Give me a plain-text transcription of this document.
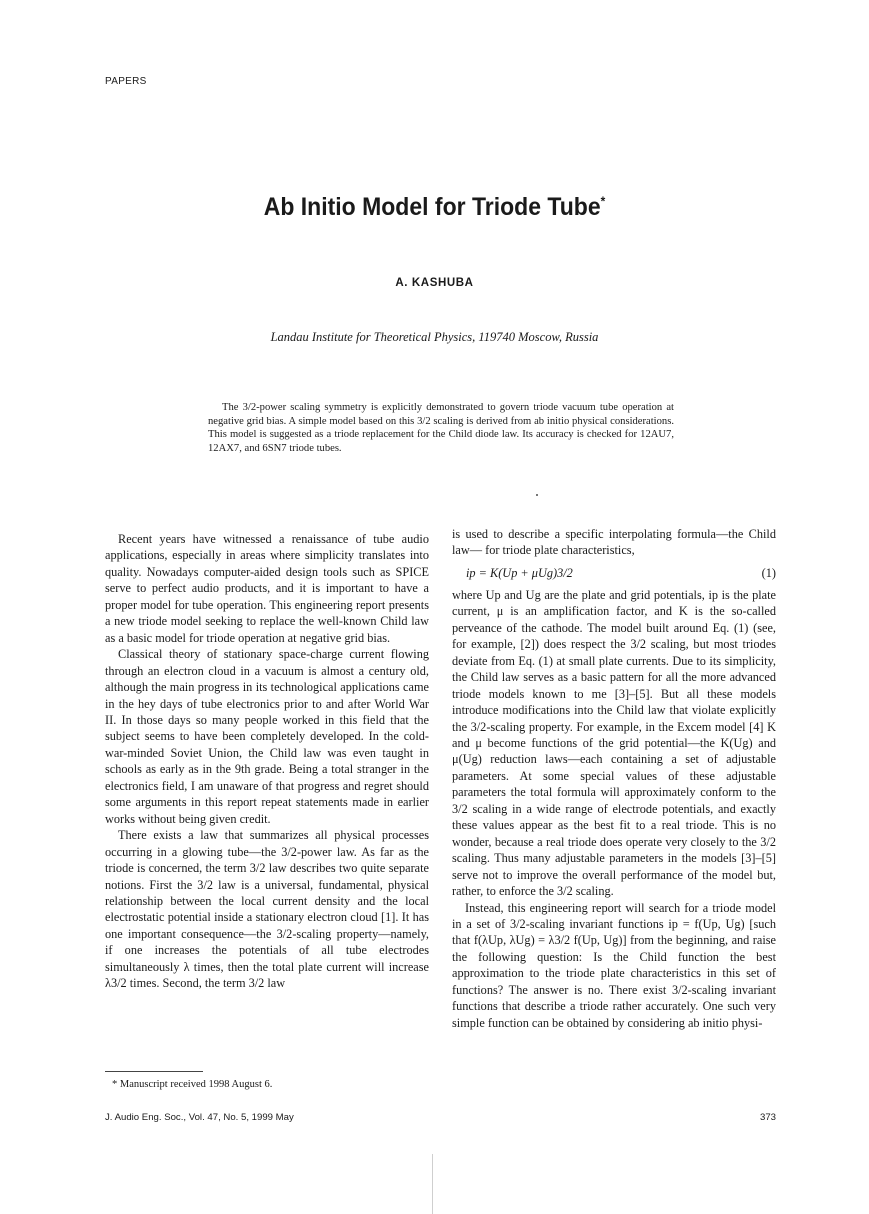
PAPERS
Ab Initio Model for Triode Tube*
A. KASHUBA
Landau Institute for Theoretical Physics, 119740 Moscow, Russia
The 3/2-power scaling symmetry is explicitly demonstrated to govern triode vacuum tube operation at negative grid bias. A simple model based on this 3/2 scaling is derived from ab initio physical considerations. This model is suggested as a triode replacement for the Child diode law. Its accuracy is checked for 12AU7, 12AX7, and 6SN7 triode tubes.

Recent years have witnessed a renaissance of tube audio applications, especially in areas where simplicity translates into quality. Nowadays computer-aided design tools such as SPICE serve to perfect audio products, and it is important to have a proper model for tube operation. This engineering report presents a new triode model seeking to replace the well-known Child law as a basic model for triode operation at negative grid bias.

Classical theory of stationary space-charge current flowing through an electron cloud in a vacuum is almost a century old, although the main progress in its technological applications came in the hey days of tube electronics prior to and after World War II. In those days so many people worked in this field that the subject seems to have been completely developed. In the cold-war-minded Soviet Union, the Child law was even taught in schools as early as in the 9th grade. Being a total stranger in the electronics field, I am unaware of that progress and regret should some arguments in this report repeat statements made in earlier works without being given credit.

There exists a law that summarizes all physical processes occurring in a glowing tube—the 3/2-power law. As far as the triode is concerned, the term 3/2 law describes two quite separate notions. First the 3/2 law is a universal, fundamental, physical relationship between the local current density and the local electrostatic potential inside a stationary electron cloud [1]. It has one important consequence—the 3/2-scaling property—namely, if one increases the potentials of all tube electrodes simultaneously λ times, then the total plate current will increase λ3/2 times. Second, the term 3/2 law

is used to describe a specific interpolating formula—the Child law— for triode plate characteristics,

ip = K(Up + μUg)3/2	(1)

where Up and Ug are the plate and grid potentials, ip is the plate current, μ is an amplification factor, and K is the so-called perveance of the cathode. The model built around Eq. (1) (see, for example, [2]) does respect the 3/2 scaling, but most triodes deviate from Eq. (1) at small plate currents. Due to its simplicity, the Child law serves as a basic pattern for all the more advanced triode models known to me [3]–[5]. But all these models introduce modifications into the Child law that violate explicitly the 3/2-scaling property. For example, in the Excem model [4] K and μ become functions of the grid potential—the K(Ug) and μ(Ug) reduction laws—each containing a set of adjustable parameters. At some special values of these adjustable parameters the total formula will approximately conform to the 3/2 scaling in a wide range of electrode potentials, and exactly these values appear as the best fit to a real triode. This is no wonder, because a real triode does operate very closely to the 3/2 scaling. Thus many adjustable parameters in the models [3]–[5] serve not to improve the overall performance of the model but, rather, to enforce the 3/2 scaling.

Instead, this engineering report will search for a triode model in a set of 3/2-scaling invariant functions ip = f(Up, Ug) [such that f(λUp, λUg) = λ3/2 f(Up, Ug)] from the beginning, and raise the following question: Is the Child function the best approximation to the triode plate characteristics in this set of functions? The answer is no. There exist 3/2-scaling invariant functions that describe a triode rather accurately. One such very simple function can be obtained by considering ab initio physi-

* Manuscript received 1998 August 6.
J. Audio Eng. Soc., Vol. 47, No. 5, 1999 May	373
